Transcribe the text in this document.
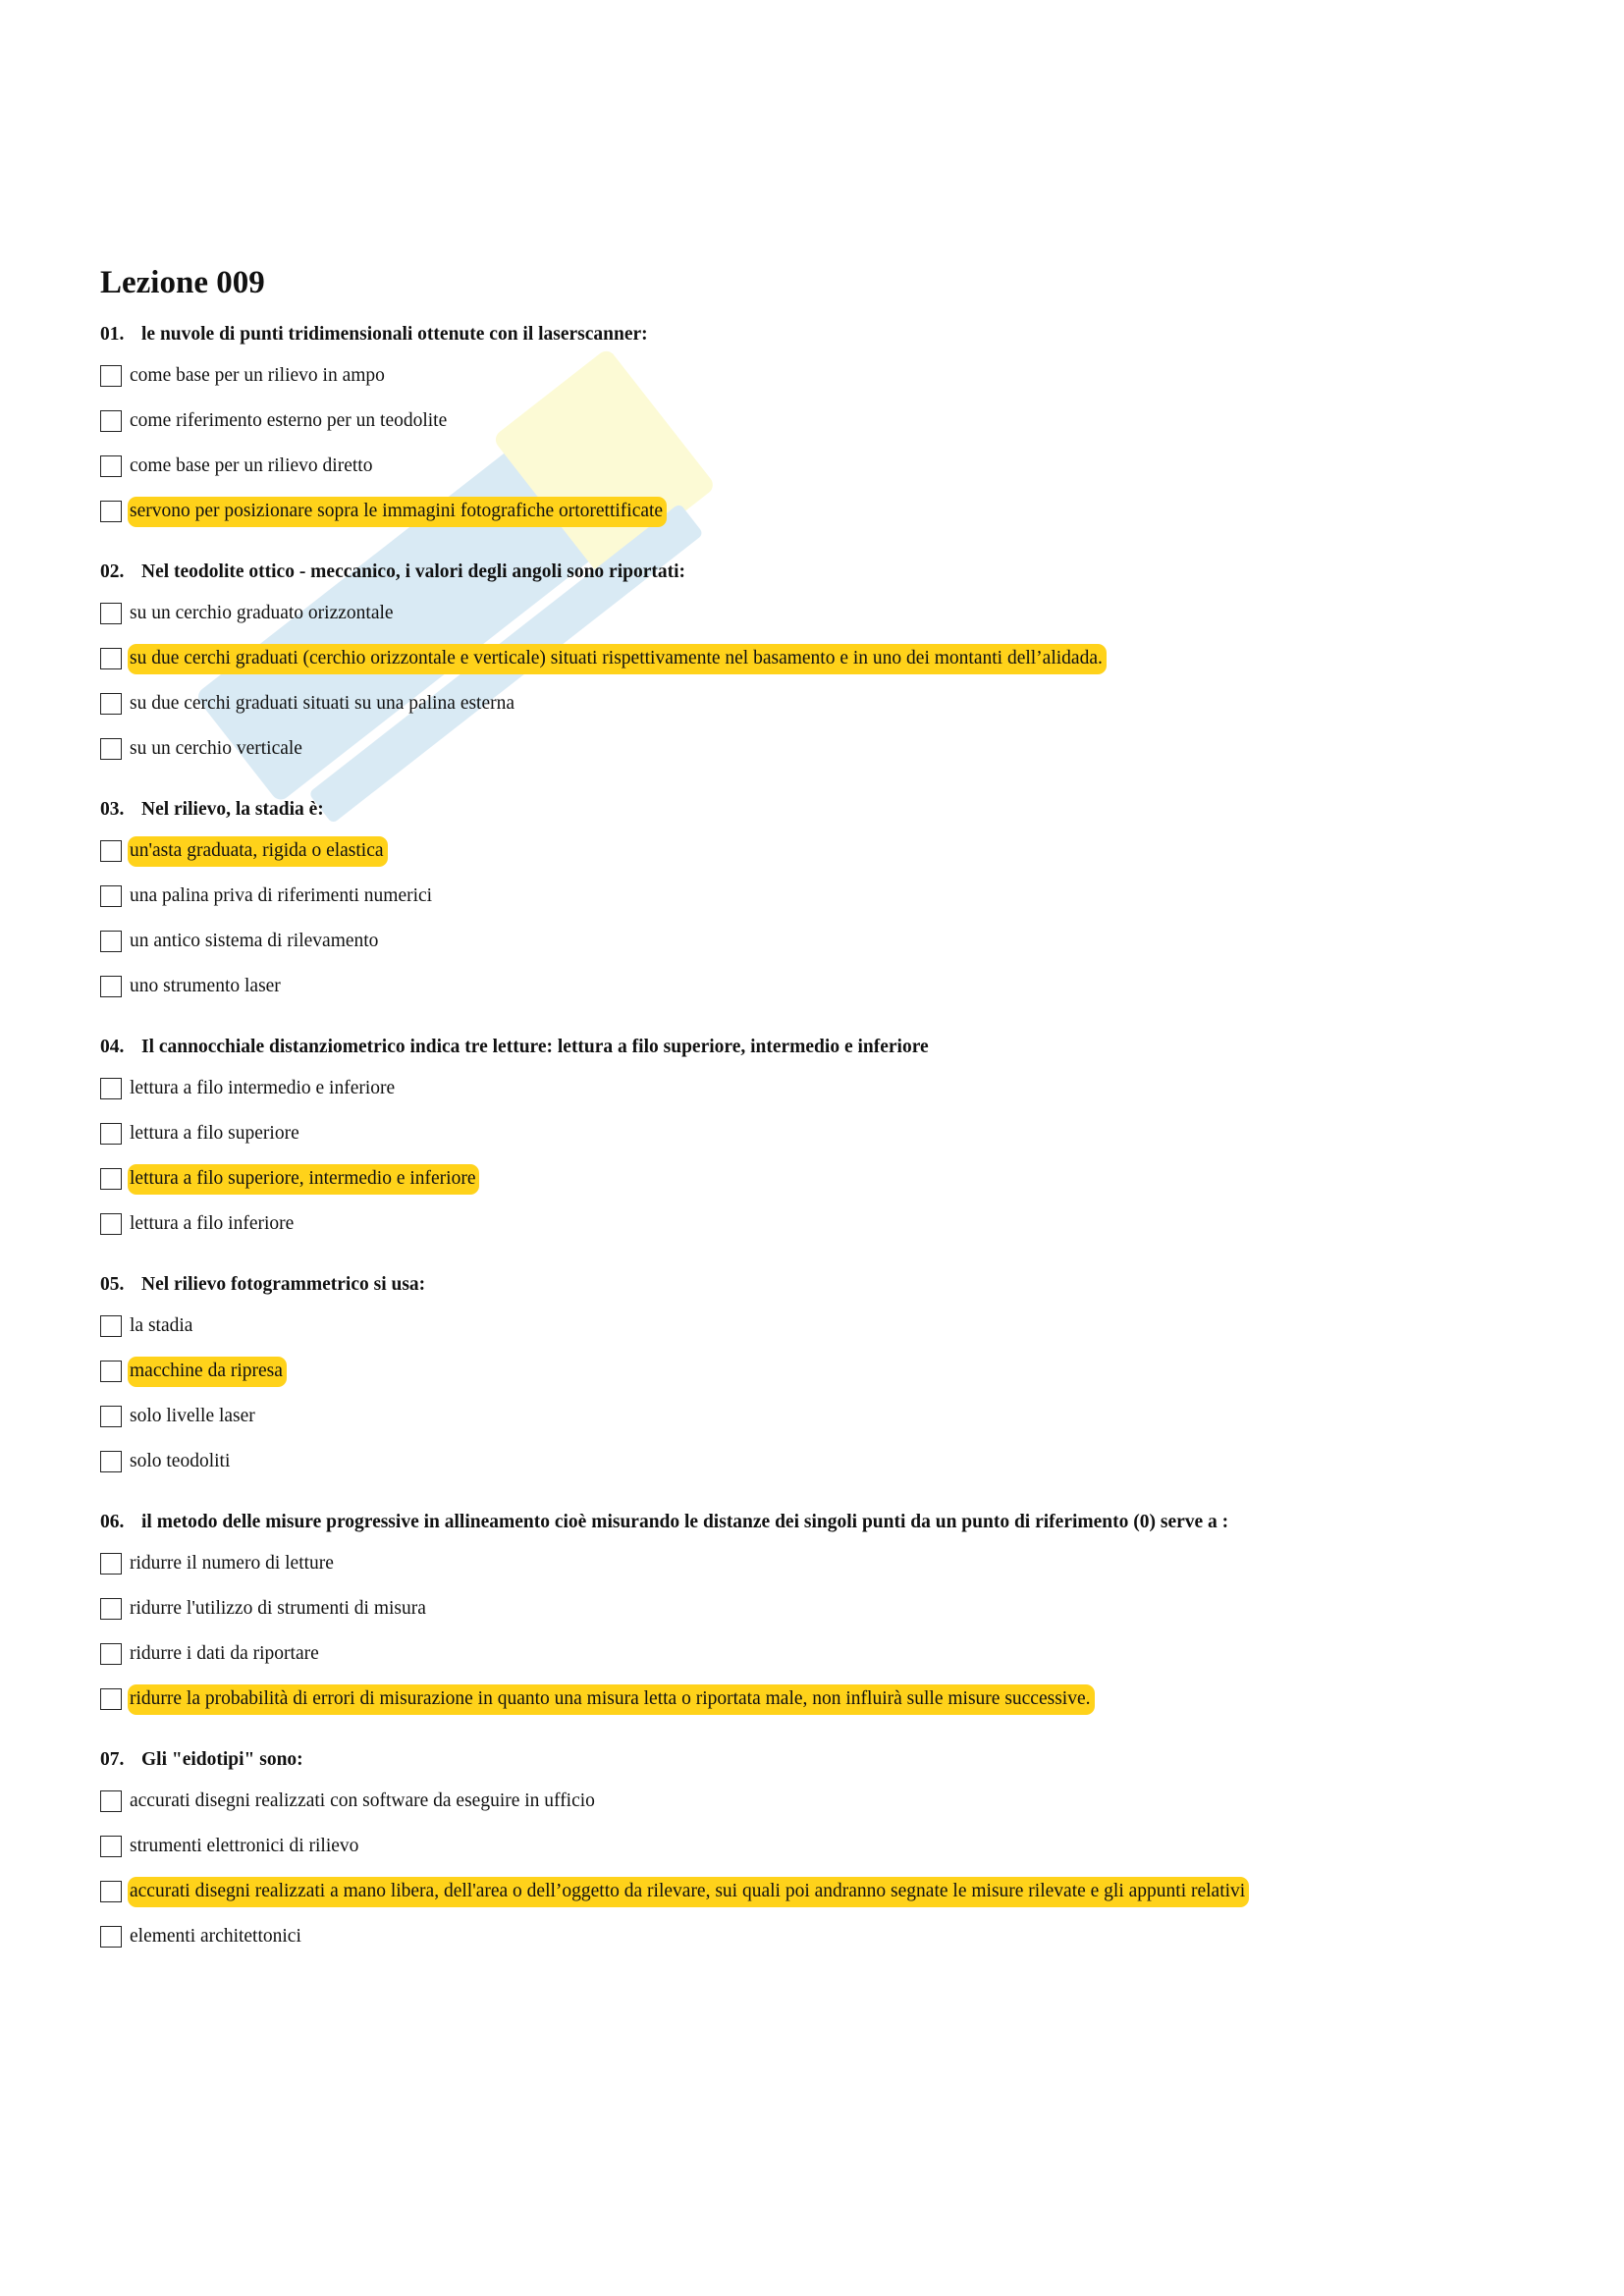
Lezione 009
01. le nuvole di punti tridimensionali ottenute con il laserscanner:
come base per un rilievo in ampo
come riferimento esterno per un teodolite
come base per un rilievo diretto
servono per posizionare sopra le immagini fotografiche ortorettificate
02. Nel teodolite ottico - meccanico, i valori degli angoli sono riportati:
su un cerchio graduato orizzontale
su due cerchi graduati (cerchio orizzontale e verticale) situati rispettivamente nel basamento e in uno dei montanti dell’alidada.
su due cerchi graduati situati su una palina esterna
su un cerchio verticale
03. Nel rilievo, la stadia è:
un'asta graduata, rigida o elastica
una palina priva di riferimenti numerici
un antico sistema di rilevamento
uno strumento laser
04. Il cannocchiale distanziometrico indica tre letture: lettura a filo superiore, intermedio e inferiore
lettura a filo intermedio e inferiore
lettura a filo superiore
lettura a filo superiore, intermedio e inferiore
lettura a filo inferiore
05. Nel rilievo fotogrammetrico si usa:
la stadia
macchine da ripresa
solo livelle laser
solo teodoliti
06. il metodo delle misure progressive in allineamento cioè misurando le distanze dei singoli punti da un punto di riferimento (0) serve a :
ridurre il numero di letture
ridurre l'utilizzo di strumenti di misura
ridurre i dati da riportare
ridurre la probabilità di errori di misurazione in quanto una misura letta o riportata male, non influirà sulle misure successive.
07. Gli "eidotipi" sono:
accurati disegni realizzati con software da eseguire in ufficio
strumenti elettronici di rilievo
accurati disegni realizzati a mano libera, dell'area o dell’oggetto da rilevare, sui quali poi andranno segnate le misure rilevate e gli appunti relativi
elementi architettonici
